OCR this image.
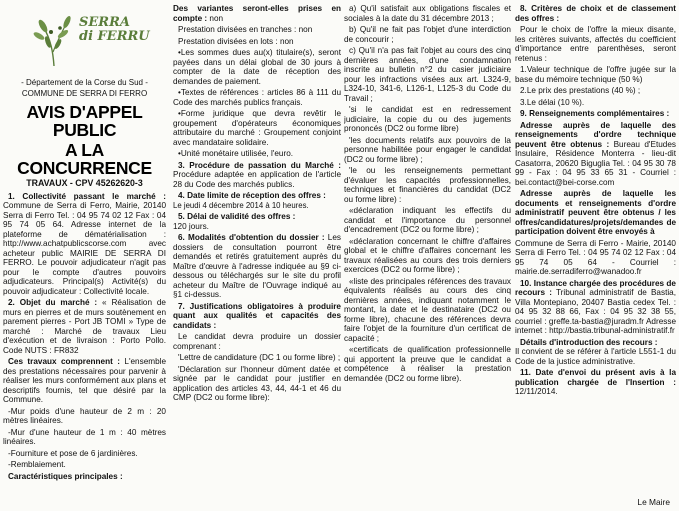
SERRA
di FERRU
- Département de la Corse du Sud -
COMMUNE DE SERRA DI FERRO
AVIS D'APPEL PUBLIC
A LA CONCURRENCE
TRAVAUX - CPV 45262620-3

1. Collectivité passant le marché : Commune de Serra di Ferro, Mairie, 20140 Serra di Ferro Tel. : 04 95 74 02 12 Fax : 04 95 74 05 64. Adresse internet de la plateforme de dématérialisation : http://www.achatpublicscorse.com avec acheteur public MAIRIE DE SERRA DI FERRO. Le pouvoir adjudicateur n'agit pas pour le compte d'autres pouvoirs adjudicateurs. Principal(s) Activité(s) du pouvoir adjudicateur : Collectivité locale.

2. Objet du marché : « Réalisation de murs en pierres et de murs soutènement en parement pierres - Port JB TOMI » Type de marché : Marché de travaux Lieu d'exécution et de livraison : Porto Pollo. Code NUTS : FR832

Ces travaux comprennent : L'ensemble des prestations nécessaires pour parvenir à réaliser les murs conformément aux plans et descriptifs fournis, tel que désiré par la Commune.

-Mur poids d'une hauteur de 2 m : 20 mètres linéaires.

-Mur d'une hauteur de 1 m : 40 mètres linéaires.

-Fourniture et pose de 6 jardinières.

-Remblaiement.

Caractéristiques principales :

Des variantes seront-elles prises en compte : non

Prestation divisées en tranches : non

Prestation divisées en lots : non

•Les sommes dues au(x) titulaire(s), seront payées dans un délai global de 30 jours à compter de la date de réception des demandes de paiement.

•Textes de références : articles 86 à 111 du Code des marchés publics français.

•Forme juridique que devra revêtir le groupement d'opérateurs économiques attributaire du marché : Groupement conjoint avec mandataire solidaire.

•Unité monétaire utilisée, l'euro.

3. Procédure de passation du Marché : Procédure adaptée en application de l'article 28 du Code des marchés publics.

4. Date limite de réception des offres :
Le jeudi 4 décembre 2014 à 10 heures.

5. Délai de validité des offres :
120 jours.

6. Modalités d'obtention du dossier : Les dossiers de consultation pourront être demandés et retirés gratuitement auprès du Maître d'œuvre à l'adresse indiquée au §9 ci-dessous ou téléchargés sur le site du profil acheteur du Maître de l'Ouvrage indiqué au §1 ci-dessus.

7. Justifications obligatoires à produire quant aux qualités et capacités des candidats :

Le candidat devra produire un dossier comprenant :

'Lettre de candidature (DC 1 ou forme libre) ;

'Déclaration sur l'honneur dûment datée et signée par le candidat pour justifier en application des articles 43, 44, 44-1 et 46 du CMP (DC2 ou forme libre):

a) Qu'il satisfait aux obligations fiscales et sociales à la date du 31 décembre 2013 ;

b) Qu'il ne fait pas l'objet d'une interdiction de concourir ;

c) Qu'il n'a pas fait l'objet au cours des cinq dernières années, d'une condamnation inscrite au bulletin n°2 du casier judiciaire pour les infractions visées aux art. L324-9, L324-10, 341-6, L126-1, L125-3 du Code du Travail ;

'si le candidat est en redressement judiciaire, la copie du ou des jugements prononcés (DC2 ou forme libre)

'les documents relatifs aux pouvoirs de la personne habilitée pour engager le candidat (DC2 ou forme libre) ;

'le ou les renseignements permettant d'évaluer les capacités professionnelles, techniques et financières du candidat (DC2 ou forme libre) :

«déclaration indiquant les effectifs du candidat et l'importance du personnel d'encadrement (DC2 ou forme libre) ;

«déclaration concernant le chiffre d'affaires global et le chiffre d'affaires concernant les travaux réalisées au cours des trois derniers exercices (DC2 ou forme libre) ;

«liste des principales références des travaux équivalents réalisés au cours des cinq dernières années, indiquant notamment le montant, la date et le destinataire (DC2 ou forme libre), chacune des références devra faire l'objet de la fourniture d'un certificat de capacité ;

«certificats de qualification professionnelle qui apportent la preuve que le candidat a compétence à réaliser la prestation demandée (DC2 ou forme libre).

8. Critères de choix et de classement des offres :

Pour le choix de l'offre la mieux disante, les critères suivants, affectés du coefficient d'importance entre parenthèses, seront retenus :

1.Valeur technique de l'offre jugée sur la base du mémoire technique (50 %)

2.Le prix des prestations (40 %) ;

3.Le délai (10 %).

9. Renseignements complémentaires :

Adresse auprès de laquelle des renseignements d'ordre technique peuvent être obtenus : Bureau d'Etudes Insulaire, Résidence Monterra - lieu-dit Casatorra, 20620 Biguglia Tel. : 04 95 30 78 99 - Fax : 04 95 33 65 31 - Courriel : bei.contact@bei-corse.com

Adresse auprès de laquelle les documents et renseignements d'ordre administratif peuvent être obtenus / les offres/candidatures/projets/demandes de participation doivent être envoyés à

Commune de Serra di Ferro - Mairie, 20140 Serra di Ferro Tel. : 04 95 74 02 12 Fax : 04 95 74 05 64 - Courriel : mairie.de.serradiferro@wanadoo.fr

10. Instance chargée des procédures de recours : Tribunal administratif de Bastia, Villa Montepiano, 20407 Bastia cedex Tel. : 04 95 32 88 66, Fax : 04 95 32 38 55, courriel : greffe.ta-bastia@juradm.fr Adresse internet : http://bastia.tribunal-administratif.fr

Détails d'introduction des recours :
Il convient de se référer à l'article L551-1 du Code de la justice administrative.

11. Date d'envoi du présent avis à la publication chargée de l'Insertion : 12/11/2014.

Le Maire
